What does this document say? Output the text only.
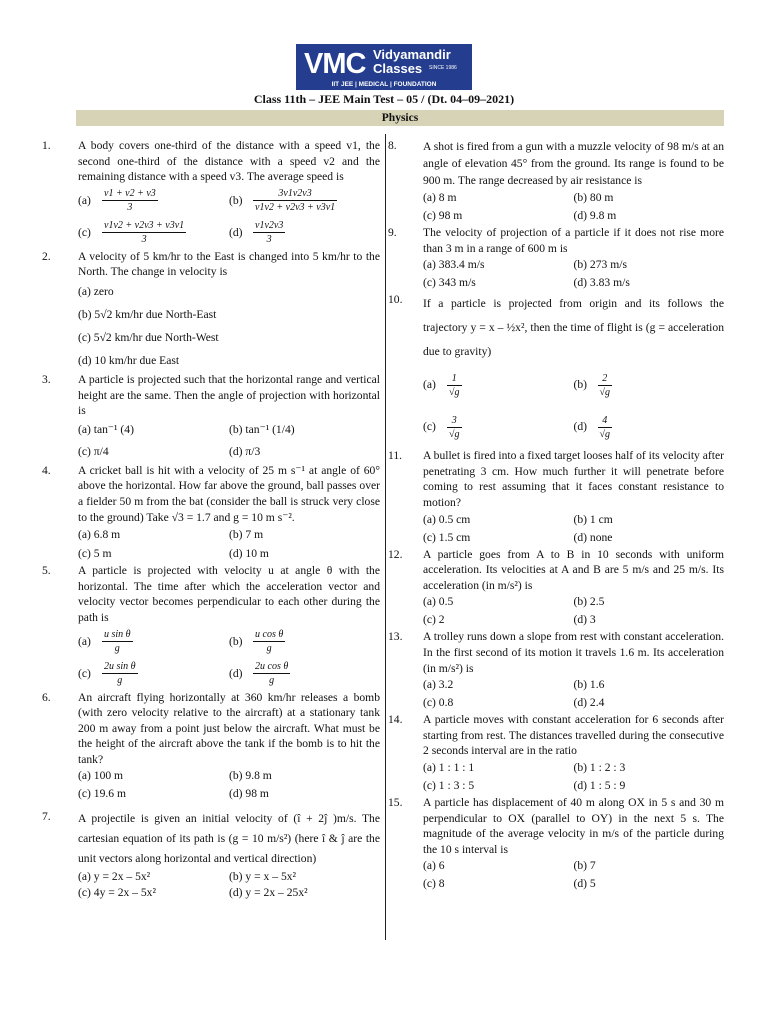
VMC Vidyamandir
Classes SINCE 1986
IIT JEE | MEDICAL | FOUNDATION
Class 11th – JEE Main Test – 05 / (Dt. 04–09–2021)
Physics
1. A body covers one-third of the distance with a speed v1, the second one-third of the distance with a speed v2 and the remaining distance with a speed v3. The average speed is
(a)	$\frac{v1 + v2 + v3}{3}$	(b)	$\frac{3v1v2v3}{v1v2 + v2v3 + v3v1}$
(c)	$\frac{v1v2 + v2v3 + v3v1}{3}$	(d)	$\frac{v1v2v3}{3}$
2. A velocity of 5 km/hr to the East is changed into 5 km/hr to the North. The change in velocity is
(a) zero
(b) 5√2 km/hr due North-East
(c) 5√2 km/hr due North-West
(d) 10 km/hr due East
3. A particle is projected such that the horizontal range and vertical height are the same. Then the angle of projection with horizontal is
(a) tan⁻¹ (4)	(b) tan⁻¹ (1/4)
(c) π/4	(d) π/3
4. A cricket ball is hit with a velocity of 25 m s⁻¹ at angle of 60° above the horizontal. How far above the ground, ball passes over a fielder 50 m from the bat (consider the ball is struck very close to the ground) Take √3 = 1.7 and g = 10 m s⁻².
(a) 6.8 m	(b) 7 m
(c) 5 m	(d) 10 m
5. A particle is projected with velocity u at angle θ with the horizontal. The time after which the acceleration vector and velocity vector becomes perpendicular to each other during the path is
(a)	$\frac{\text{u sin θ}}{g}$	(b)	$\frac{\text{u cos θ}}{g}$
(c)	$\frac{\text{2u sin θ}}{g}$	(d)	$\frac{\text{2u cos θ}}{g}$
6. An aircraft flying horizontally at 360 km/hr releases a bomb (with zero velocity relative to the aircraft) at a stationary tank 200 m away from a point just below the aircraft. What must be the height of the aircraft above the tank if the bomb is to hit the tank?
(a) 100 m	(b) 9.8 m
(c) 19.6 m	(d) 98 m
7. A projectile is given an initial velocity of (î + 2ĵ )m/s. The cartesian equation of its path is (g = 10 m/s²) (here î & ĵ are the unit vectors along horizontal and vertical direction)
(a) y = 2x – 5x²	(b) y = x – 5x²
(c) 4y = 2x – 5x²	(d) y = 2x – 25x²
8. A shot is fired from a gun with a muzzle velocity of 98 m/s at an angle of elevation 45° from the ground. Its range is found to be 900 m. The range decreased by air resistance is
(a) 8 m	(b) 80 m
(c) 98 m	(d) 9.8 m
9. The velocity of projection of a particle if it does not rise more than 3 m in a range of 600 m is
(a) 383.4 m/s	(b) 273 m/s
(c) 343 m/s	(d) 3.83 m/s
10. If a particle is projected from origin and its follows the trajectory y = x – ½x², then the time of flight is (g = acceleration due to gravity)
(a)	$\frac{1}{√g}$	(b)	$\frac{2}{√g}$
(c)	$\frac{3}{√g}$	(d)	$\frac{4}{√g}$
11. A bullet is fired into a fixed target looses half of its velocity after penetrating 3 cm. How much further it will penetrate before coming to rest assuming that it faces constant resistance to motion?
(a) 0.5 cm	(b) 1 cm
(c) 1.5 cm	(d) none
12. A particle goes from A to B in 10 seconds with uniform acceleration. Its velocities at A and B are 5 m/s and 25 m/s. Its acceleration (in m/s²) is
(a) 0.5	(b) 2.5
(c) 2	(d) 3
13. A trolley runs down a slope from rest with constant acceleration. In the first second of its motion it travels 1.6 m. Its acceleration (in m/s²) is
(a) 3.2	(b) 1.6
(c) 0.8	(d) 2.4
14. A particle moves with constant acceleration for 6 seconds after starting from rest. The distances travelled during the consecutive 2 seconds interval are in the ratio
(a) 1 : 1 : 1	(b) 1 : 2 : 3
(c) 1 : 3 : 5	(d) 1 : 5 : 9
15. A particle has displacement of 40 m along OX in 5 s and 30 m perpendicular to OX (parallel to OY) in the next 5 s. The magnitude of the average velocity in m/s of the particle during the 10 s interval is
(a) 6	(b) 7
(c) 8	(d) 5
